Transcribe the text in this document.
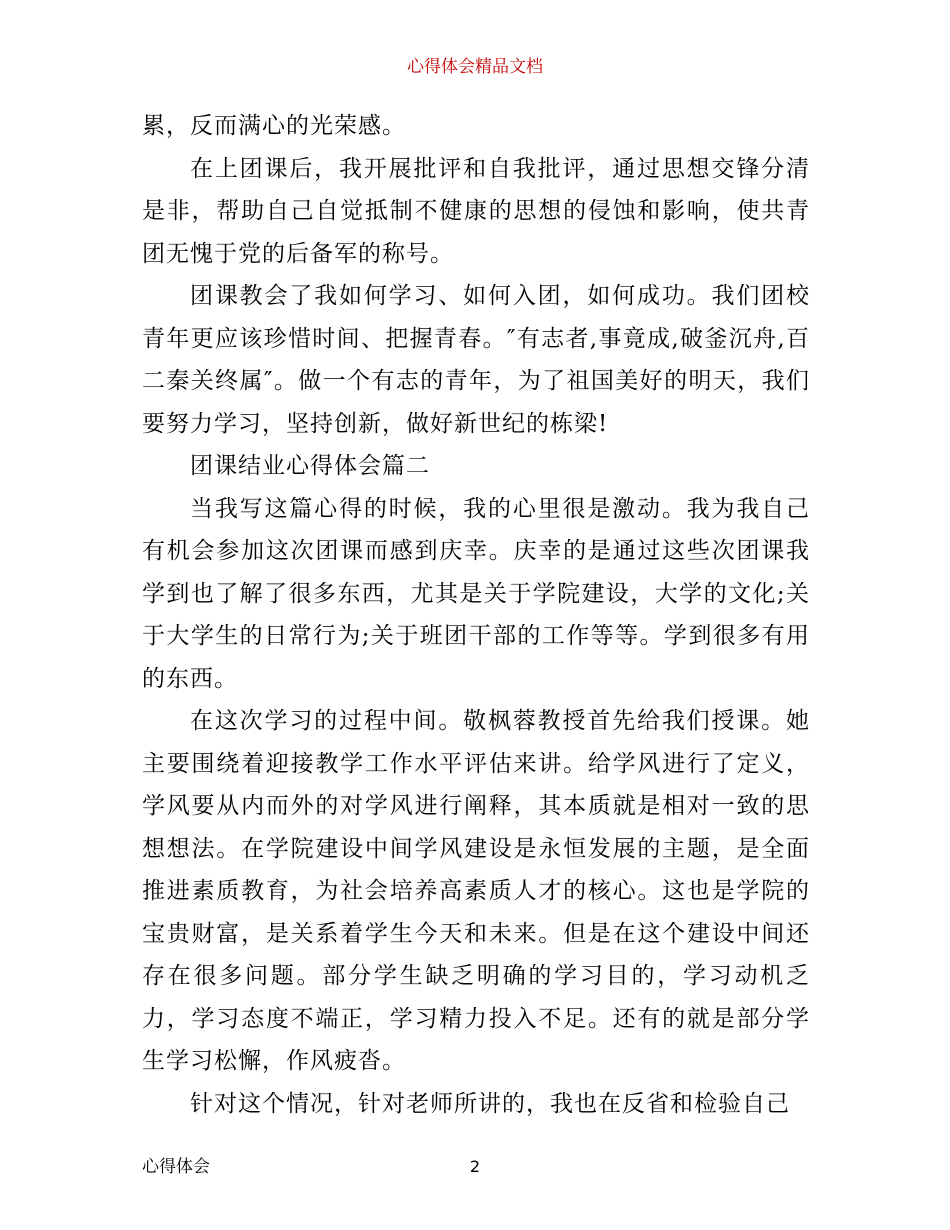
心得体会精品文档

累，反而满心的光荣感。

在上团课后，我开展批评和自我批评，通过思想交锋分清是非，帮助自己自觉抵制不健康的思想的侵蚀和影响，使共青团无愧于党的后备军的称号。

团课教会了我如何学习、如何入团，如何成功。我们团校青年更应该珍惜时间、把握青春。″有志者,事竟成,破釜沉舟,百二秦关终属″。做一个有志的青年，为了祖国美好的明天，我们要努力学习，坚持创新，做好新世纪的栋梁!

团课结业心得体会篇二

当我写这篇心得的时候，我的心里很是激动。我为我自己有机会参加这次团课而感到庆幸。庆幸的是通过这些次团课我学到也了解了很多东西，尤其是关于学院建设，大学的文化;关于大学生的日常行为;关于班团干部的工作等等。学到很多有用的东西。

在这次学习的过程中间。敬枫蓉教授首先给我们授课。她主要围绕着迎接教学工作水平评估来讲。给学风进行了定义，学风要从内而外的对学风进行阐释，其本质就是相对一致的思想想法。在学院建设中间学风建设是永恒发展的主题，是全面推进素质教育，为社会培养高素质人才的核心。这也是学院的宝贵财富，是关系着学生今天和未来。但是在这个建设中间还存在很多问题。部分学生缺乏明确的学习目的，学习动机乏力，学习态度不端正，学习精力投入不足。还有的就是部分学生学习松懈，作风疲沓。

针对这个情况，针对老师所讲的，我也在反省和检验自己

心得体会	2
